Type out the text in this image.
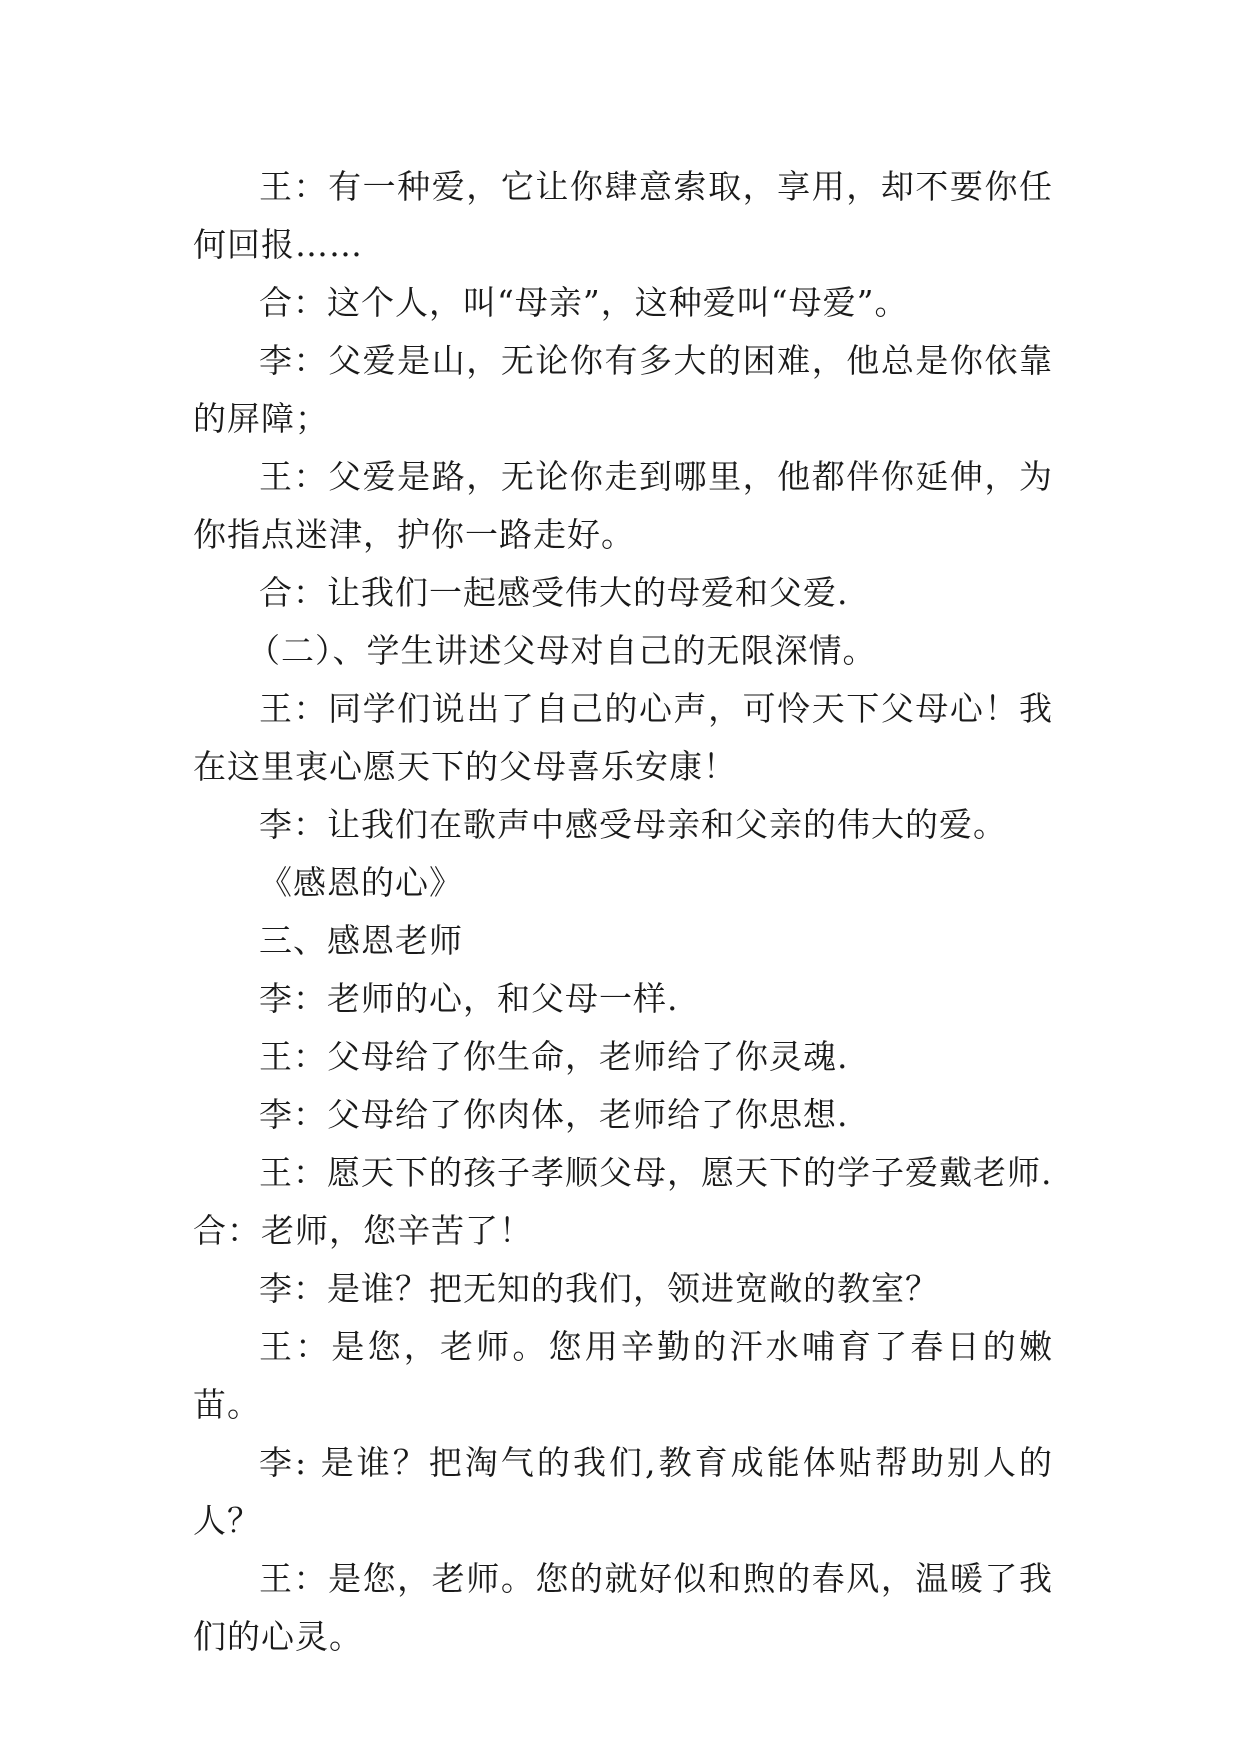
王：有一种爱，它让你肆意索取，享用，却不要你任何回报……

合：这个人，叫“母亲”，这种爱叫“母爱”。

李：父爱是山，无论你有多大的困难，他总是你依靠的屏障；

王：父爱是路，无论你走到哪里，他都伴你延伸，为你指点迷津，护你一路走好。

合：让我们一起感受伟大的母爱和父爱.

（二）、学生讲述父母对自己的无限深情。

王：同学们说出了自己的心声，可怜天下父母心！我在这里衷心愿天下的父母喜乐安康！

李：让我们在歌声中感受母亲和父亲的伟大的爱。

《感恩的心》

三、感恩老师

李：老师的心，和父母一样.

王：父母给了你生命，老师给了你灵魂.

李：父母给了你肉体，老师给了你思想.

王：愿天下的孩子孝顺父母，愿天下的学子爱戴老师.

合：老师，您辛苦了！

李：是谁？把无知的我们，领进宽敞的教室？

王：是您，老师。您用辛勤的汗水哺育了春日的嫩苗。

李: 是谁？把淘气的我们,教育成能体贴帮助别人的人？

王：是您，老师。您的就好似和煦的春风，温暖了我们的心灵。
